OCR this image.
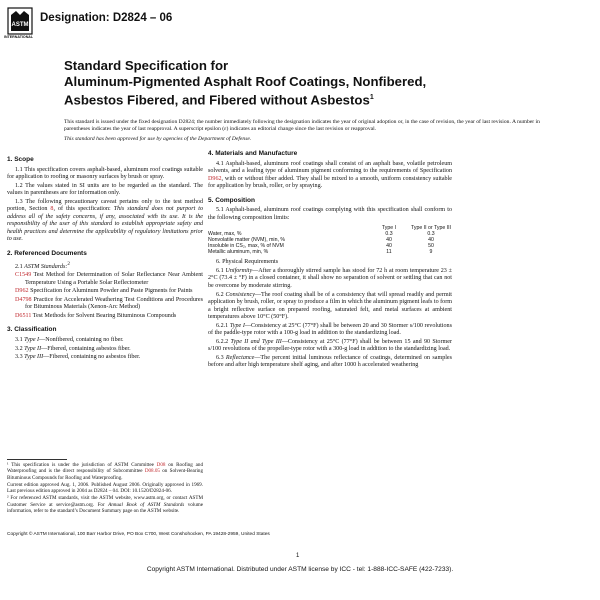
ASTM
INTERNATIONAL
Designation: D2824 – 06
Standard Specification for
Aluminum-Pigmented Asphalt Roof Coatings, Nonfibered,
Asbestos Fibered, and Fibered without Asbestos$^1$

This standard is issued under the fixed designation D2824; the number immediately following the designation indicates the year of original adoption or, in the case of revision, the year of last revision. A number in parentheses indicates the year of last reapproval. A superscript epsilon (ε) indicates an editorial change since the last revision or reapproval.

This standard has been approved for use by agencies of the Department of Defense.

1. Scope

1.1 This specification covers asphalt-based, aluminum roof coatings suitable for application to roofing or masonry surfaces by brush or spray.

1.2 The values stated in SI units are to be regarded as the standard. The values in parentheses are for information only.

1.3 The following precautionary caveat pertains only to the test method portion, Section 8, of this specification: This standard does not purport to address all of the safety concerns, if any, associated with its use. It is the responsibility of the user of this standard to establish appropriate safety and health practices and determine the applicability of regulatory limitations prior to use.

2. Referenced Documents

2.1 ASTM Standards:$^2$

C1549 Test Method for Determination of Solar Reflectance Near Ambient Temperature Using a Portable Solar Reflectometer

D962 Specification for Aluminum Powder and Paste Pigments for Paints

D4798 Practice for Accelerated Weathering Test Conditions and Procedures for Bituminous Materials (Xenon-Arc Method)

D6511 Test Methods for Solvent Bearing Bituminous Compounds

3. Classification

3.1 Type I—Nonfibered, containing no fiber.

3.2 Type II—Fibered, containing asbestos fiber.

3.3 Type III—Fibered, containing no asbestos fiber.

¹ This specification is under the jurisdiction of ASTM Committee D08 on Roofing and Waterproofing and is the direct responsibility of Subcommittee D08.05 on Solvent-Bearing Bituminous Compounds for Roofing and Waterproofing.

Current edition approved Aug. 1, 2006. Published August 2006. Originally approved in 1969. Last previous edition approved in 2004 as D2824 – 04. DOI: 10.1520/D2824-06.

² For referenced ASTM standards, visit the ASTM website, www.astm.org, or contact ASTM Customer Service at service@astm.org. For Annual Book of ASTM Standards volume information, refer to the standard’s Document Summary page on the ASTM website.

4. Materials and Manufacture

4.1 Asphalt-based, aluminum roof coatings shall consist of an asphalt base, volatile petroleum solvents, and a leafing type of aluminum pigment conforming to the requirements of Specification D962, with or without fiber added. They shall be mixed to a smooth, uniform consistency suitable for application by brush, roller, or by spraying.

5. Composition

5.1 Asphalt-based, aluminum roof coatings complying with this specification shall conform to the following composition limits:

	Type I	Type II or Type III
Water, max, %	0.3	0.3
Nonvolatile matter (NVM), min, %	40	40
Insoluble in CS₂, max, % of NVM	40	50
Metallic aluminum, min, %	11	9

6. Physical Requirements

6.1 Uniformity—After a thoroughly stirred sample has stood for 72 h at room temperature 23 ± 2°C (73.4 ± °F) in a closed container, it shall show no separation of solvent or settling that can not be overcome by moderate stirring.

6.2 Consistency—The roof coating shall be of a consistency that will spread readily and permit application by brush, roller, or spray to produce a film in which the aluminum pigment leafs to form a bright reflective surface on prepared roofing, saturated felt, and metal surfaces at ambient temperatures above 10°C (50°F).

6.2.1 Type I—Consistency at 25°C (77°F) shall be between 20 and 30 Stormer s/100 revolutions of the paddle-type rotor with a 100-g load in addition to the standardizing load.

6.2.2 Type II and Type III—Consistency at 25°C (77°F) shall be between 15 and 90 Stormer s/100 revolutions of the propeller-type rotor with a 300-g load in addition to the standardizing load.

6.3 Reflectance—The percent initial luminous reflectance of coatings, determined on samples before and after high temperature shelf aging, and after 1000 h accelerated weathering

Copyright © ASTM International, 100 Barr Harbor Drive, PO Box C700, West Conshohocken, PA 19428-2959, United States
1
Copyright ASTM International. Distributed under ASTM license by ICC - tel: 1-888-ICC-SAFE (422-7233).
